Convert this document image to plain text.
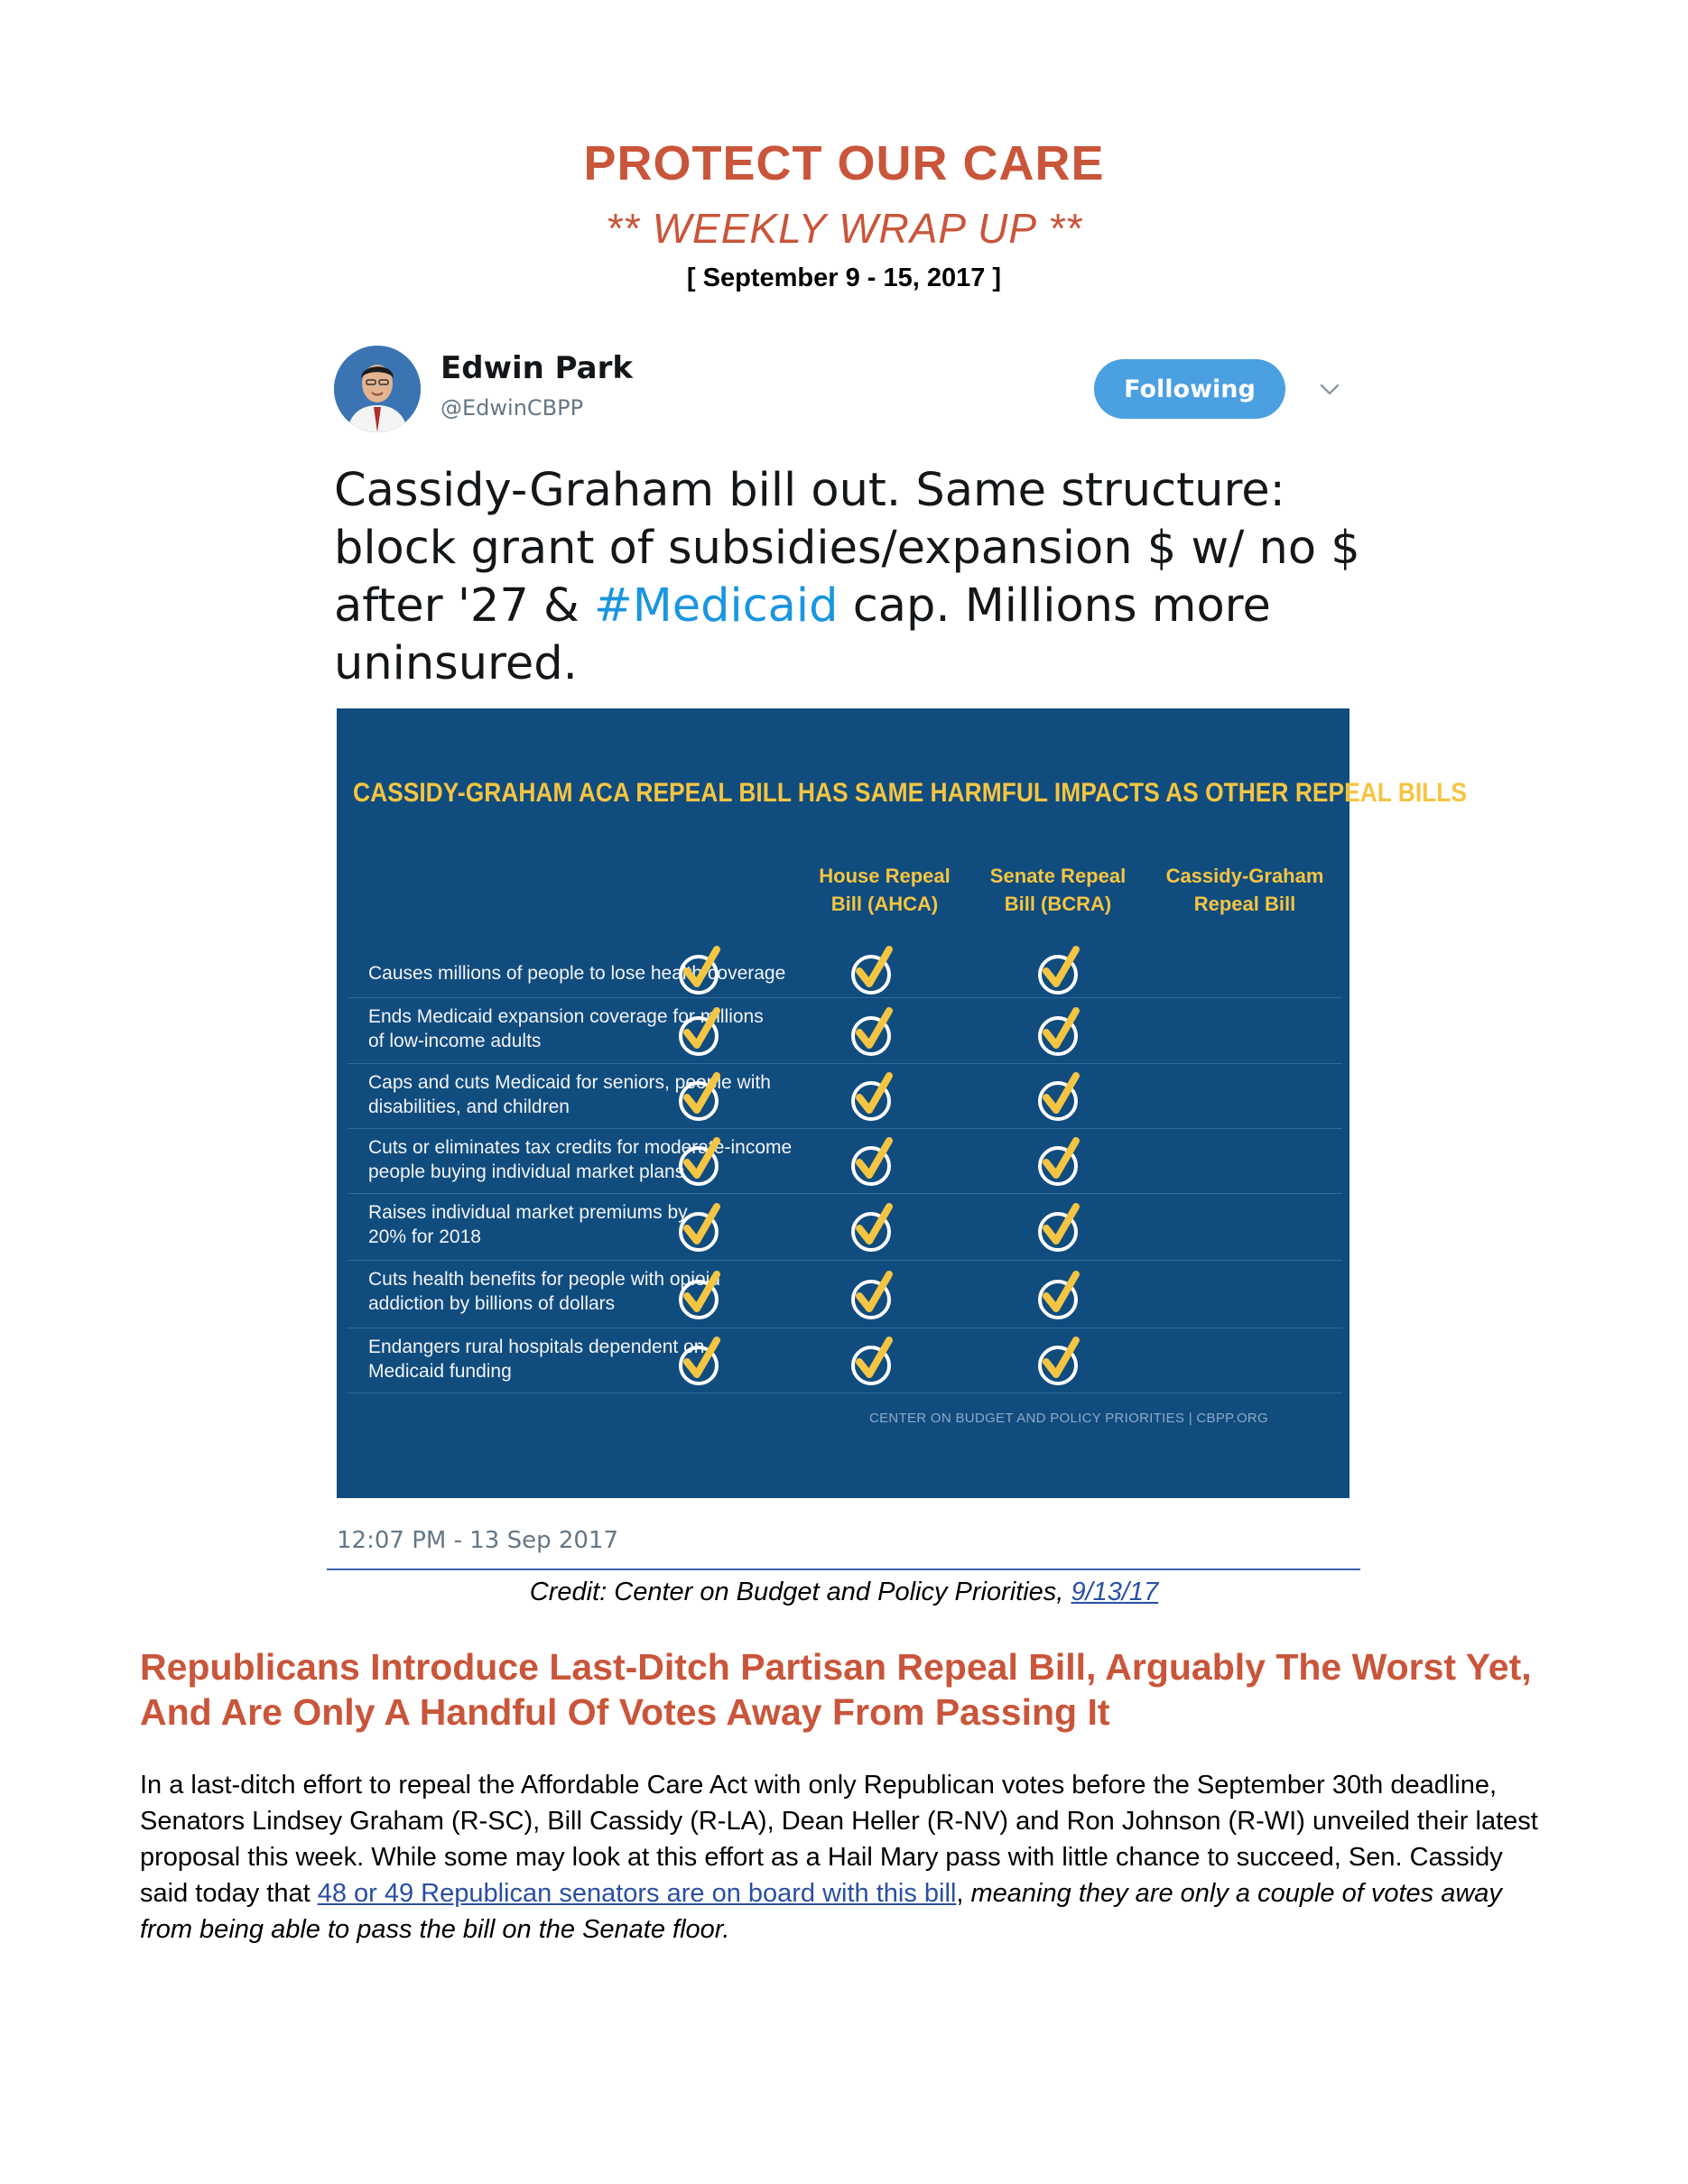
PROTECT OUR CARE
** WEEKLY WRAP UP **
[ September 9 - 15, 2017 ]
Edwin Park
@EdwinCBPP
Following
Cassidy-Graham bill out. Same structure: block grant of subsidies/expansion $ w/ no $ after '27 & #Medicaid cap. Millions more uninsured.
CASSIDY-GRAHAM ACA REPEAL BILL HAS SAME HARMFUL IMPACTS AS OTHER REPEAL BILLS
House Repeal
Bill (AHCA)
Senate Repeal
Bill (BCRA)
Cassidy-Graham
Repeal Bill
Causes millions of people to lose health coverage
Ends Medicaid expansion coverage for millions
of low-income adults
Caps and cuts Medicaid for seniors, people with
disabilities, and children
Cuts or eliminates tax credits for moderate-income
people buying individual market plans
Raises individual market premiums by
20% for 2018
Cuts health benefits for people with opioid
addiction by billions of dollars
Endangers rural hospitals dependent on
Medicaid funding
CENTER ON BUDGET AND POLICY PRIORITIES | CBPP.ORG
12:07 PM - 13 Sep 2017
Credit: Center on Budget and Policy Priorities, 9/13/17
Republicans Introduce Last-Ditch Partisan Repeal Bill, Arguably The Worst Yet, And Are Only A Handful Of Votes Away From Passing It
In a last-ditch effort to repeal the Affordable Care Act with only Republican votes before the September 30th deadline, Senators Lindsey Graham (R-SC), Bill Cassidy (R-LA), Dean Heller (R-NV) and Ron Johnson (R-WI) unveiled their latest proposal this week. While some may look at this effort as a Hail Mary pass with little chance to succeed, Sen. Cassidy said today that 48 or 49 Republican senators are on board with this bill, meaning they are only a couple of votes away from being able to pass the bill on the Senate floor.
